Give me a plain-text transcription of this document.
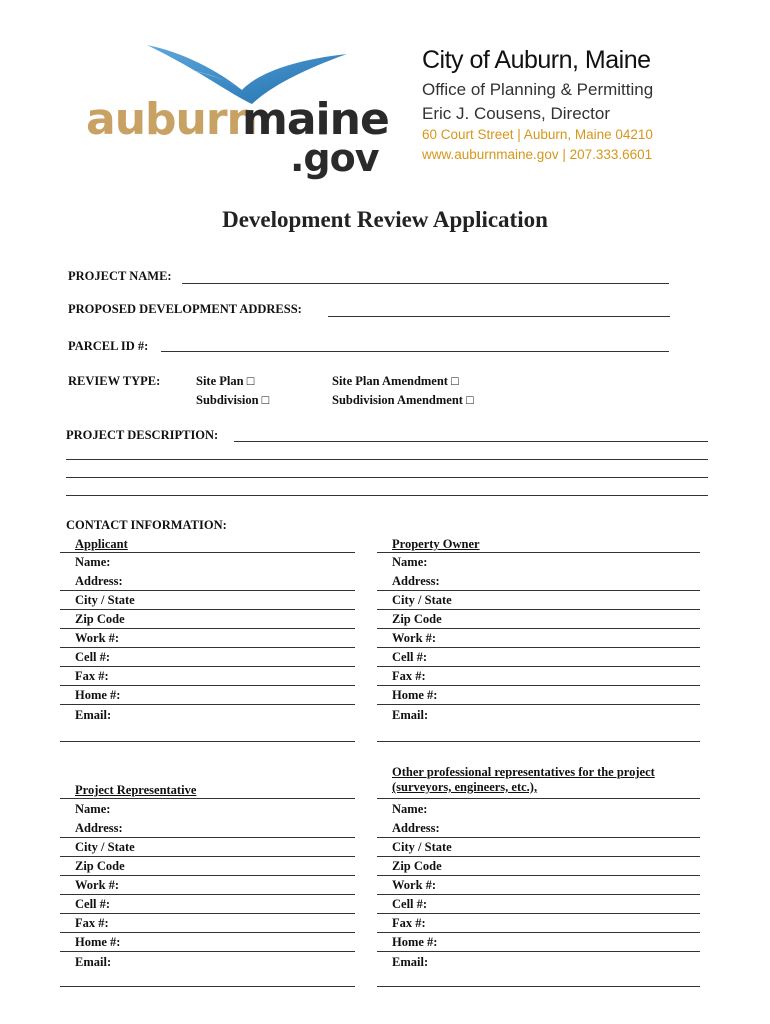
auburn
maine
.gov
City of Auburn, Maine
Office of Planning & Permitting
Eric J. Cousens, Director
60 Court Street | Auburn, Maine 04210
www.auburnmaine.gov | 207.333.6601
Development Review Application
PROJECT NAME:
PROPOSED DEVELOPMENT ADDRESS:
PARCEL ID #:
REVIEW TYPE:	Site Plan □
Subdivision □
Site Plan Amendment □
Subdivision Amendment □
PROJECT DESCRIPTION:
CONTACT INFORMATION:
Applicant
Name:
Address:
City / State
Zip Code
Work #:
Cell #:
Fax #:
Home #:
Email:
Property Owner
Name:
Address:
City / State
Zip Code
Work #:
Cell #:
Fax #:
Home #:
Email:
Project Representative
Name:
Address:
City / State
Zip Code
Work #:
Cell #:
Fax #:
Home #:
Email:
Other professional representatives for the project
(surveyors, engineers, etc.),
Name:
Address:
City / State
Zip Code
Work #:
Cell #:
Fax #:
Home #:
Email:
